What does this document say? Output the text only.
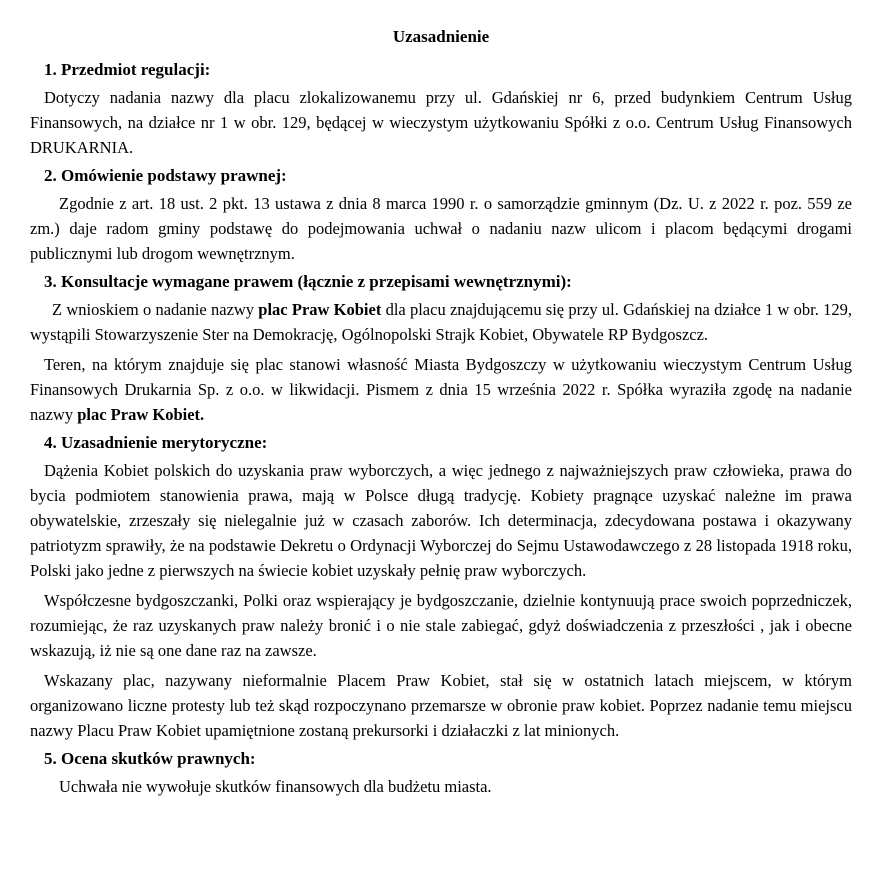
Uzasadnienie
1. Przedmiot regulacji:

Dotyczy nadania nazwy dla placu zlokalizowanemu przy ul. Gdańskiej nr 6, przed budynkiem Centrum Usług Finansowych, na działce nr 1 w obr. 129, będącej w wieczystym użytkowaniu Spółki z o.o. Centrum Usług Finansowych DRUKARNIA.

2. Omówienie podstawy prawnej:

Zgodnie z art. 18 ust. 2 pkt. 13 ustawa z dnia 8 marca 1990 r. o samorządzie gminnym (Dz. U. z 2022 r. poz. 559 ze zm.) daje radom gminy podstawę do podejmowania uchwał o nadaniu nazw ulicom i placom będącymi drogami publicznymi lub drogom wewnętrznym.

3. Konsultacje wymagane prawem (łącznie z przepisami wewnętrznymi):

Z wnioskiem o nadanie nazwy plac Praw Kobiet dla placu znajdującemu się przy ul. Gdańskiej na działce 1 w obr. 129, wystąpili Stowarzyszenie Ster na Demokrację, Ogólnopolski Strajk Kobiet, Obywatele RP Bydgoszcz.

Teren, na którym znajduje się plac stanowi własność Miasta Bydgoszczy w użytkowaniu wieczystym Centrum Usług Finansowych Drukarnia Sp. z o.o. w likwidacji. Pismem z dnia 15 września 2022 r. Spółka wyraziła zgodę na nadanie nazwy plac Praw Kobiet.

4. Uzasadnienie merytoryczne:

Dążenia Kobiet polskich do uzyskania praw wyborczych, a więc jednego z najważniejszych praw człowieka, prawa do bycia podmiotem stanowienia prawa, mają w Polsce długą tradycję. Kobiety pragnące uzyskać należne im prawa obywatelskie, zrzeszały się nielegalnie już w czasach zaborów. Ich determinacja, zdecydowana postawa i okazywany patriotyzm sprawiły, że na podstawie Dekretu o Ordynacji Wyborczej do Sejmu Ustawodawczego z 28 listopada 1918 roku, Polski jako jedne z pierwszych na świecie kobiet uzyskały pełnię praw wyborczych.

Współczesne bydgoszczanki, Polki oraz wspierający je bydgoszczanie, dzielnie kontynuują prace swoich poprzedniczek, rozumiejąc, że raz uzyskanych praw należy bronić i o nie stale zabiegać, gdyż doświadczenia z przeszłości , jak i obecne wskazują, iż nie są one dane raz na zawsze.

Wskazany plac, nazywany nieformalnie Placem Praw Kobiet, stał się w ostatnich latach miejscem, w którym organizowano liczne protesty lub też skąd rozpoczynano przemarsze w obronie praw kobiet. Poprzez nadanie temu miejscu nazwy Placu Praw Kobiet upamiętnione zostaną prekursorki i działaczki z lat minionych.

5. Ocena skutków prawnych:

Uchwała nie wywołuje skutków finansowych dla budżetu miasta.
